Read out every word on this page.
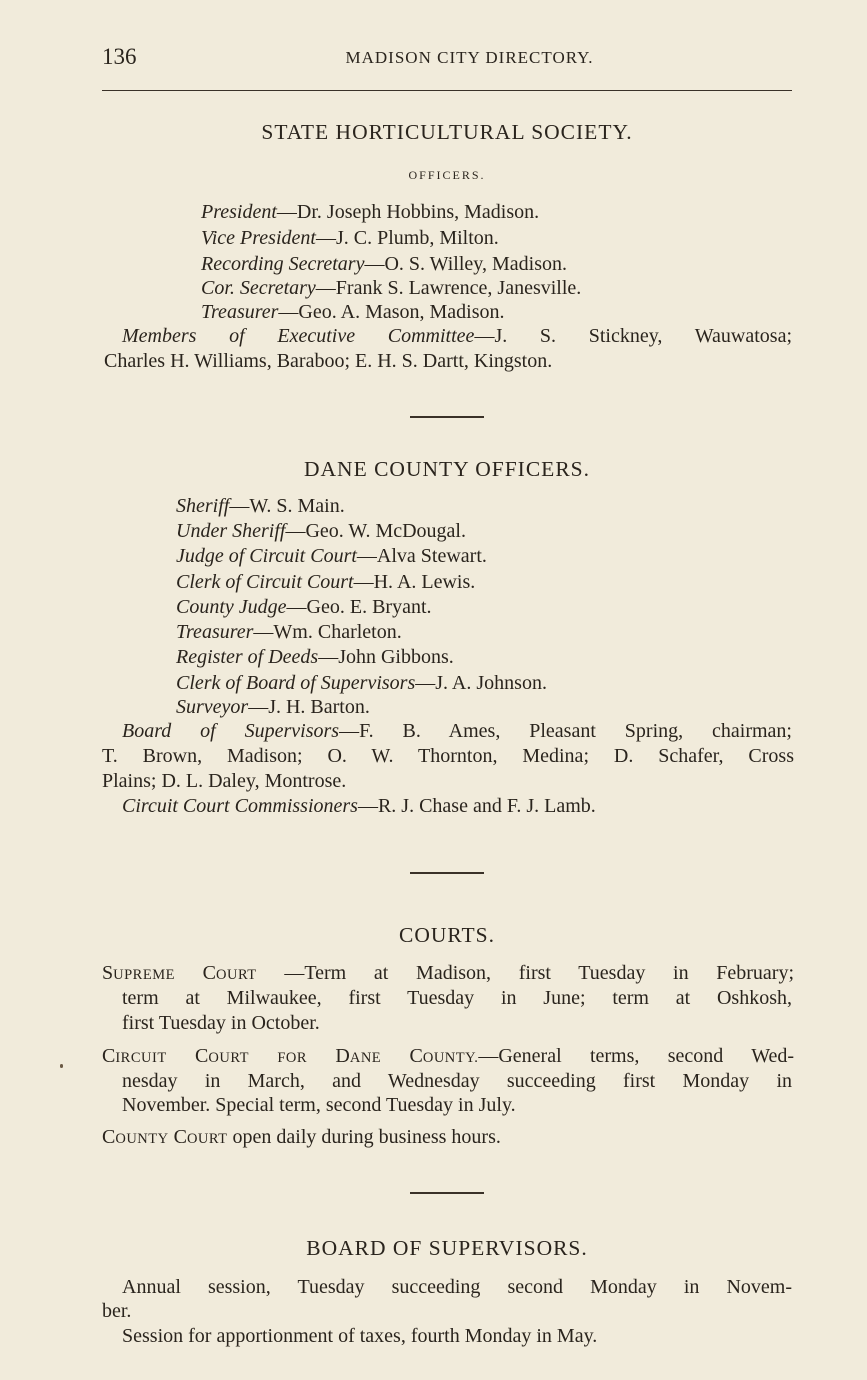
136	MADISON CITY DIRECTORY.
STATE HORTICULTURAL SOCIETY.
OFFICERS.
President—Dr. Joseph Hobbins, Madison.
Vice President—J. C. Plumb, Milton.
Recording Secretary—O. S. Willey, Madison.
Cor. Secretary—Frank S. Lawrence, Janesville.
Treasurer—Geo. A. Mason, Madison.
Members of Executive Committee—J. S. Stickney, Wauwatosa;
Charles H. Williams, Baraboo; E. H. S. Dartt, Kingston.
DANE COUNTY OFFICERS.
Sheriff—W. S. Main.
Under Sheriff—Geo. W. McDougal.
Judge of Circuit Court—Alva Stewart.
Clerk of Circuit Court—H. A. Lewis.
County Judge—Geo. E. Bryant.
Treasurer—Wm. Charleton.
Register of Deeds—John Gibbons.
Clerk of Board of Supervisors—J. A. Johnson.
Surveyor—J. H. Barton.
Board of Supervisors—F. B. Ames, Pleasant Spring, chairman;
T. Brown, Madison; O. W. Thornton, Medina; D. Schafer, Cross
Plains; D. L. Daley, Montrose.
Circuit Court Commissioners—R. J. Chase and F. J. Lamb.
COURTS.
SUPREME COURT —Term at Madison, first Tuesday in February;
term at Milwaukee, first Tuesday in June; term at Oshkosh,
first Tuesday in October.
CIRCUIT COURT FOR DANE COUNTY.—General terms, second Wed-
nesday in March, and Wednesday succeeding first Monday in
November. Special term, second Tuesday in July.
COUNTY COURT open daily during business hours.
BOARD OF SUPERVISORS.
Annual session, Tuesday succeeding second Monday in Novem-
ber.
Session for apportionment of taxes, fourth Monday in May.
